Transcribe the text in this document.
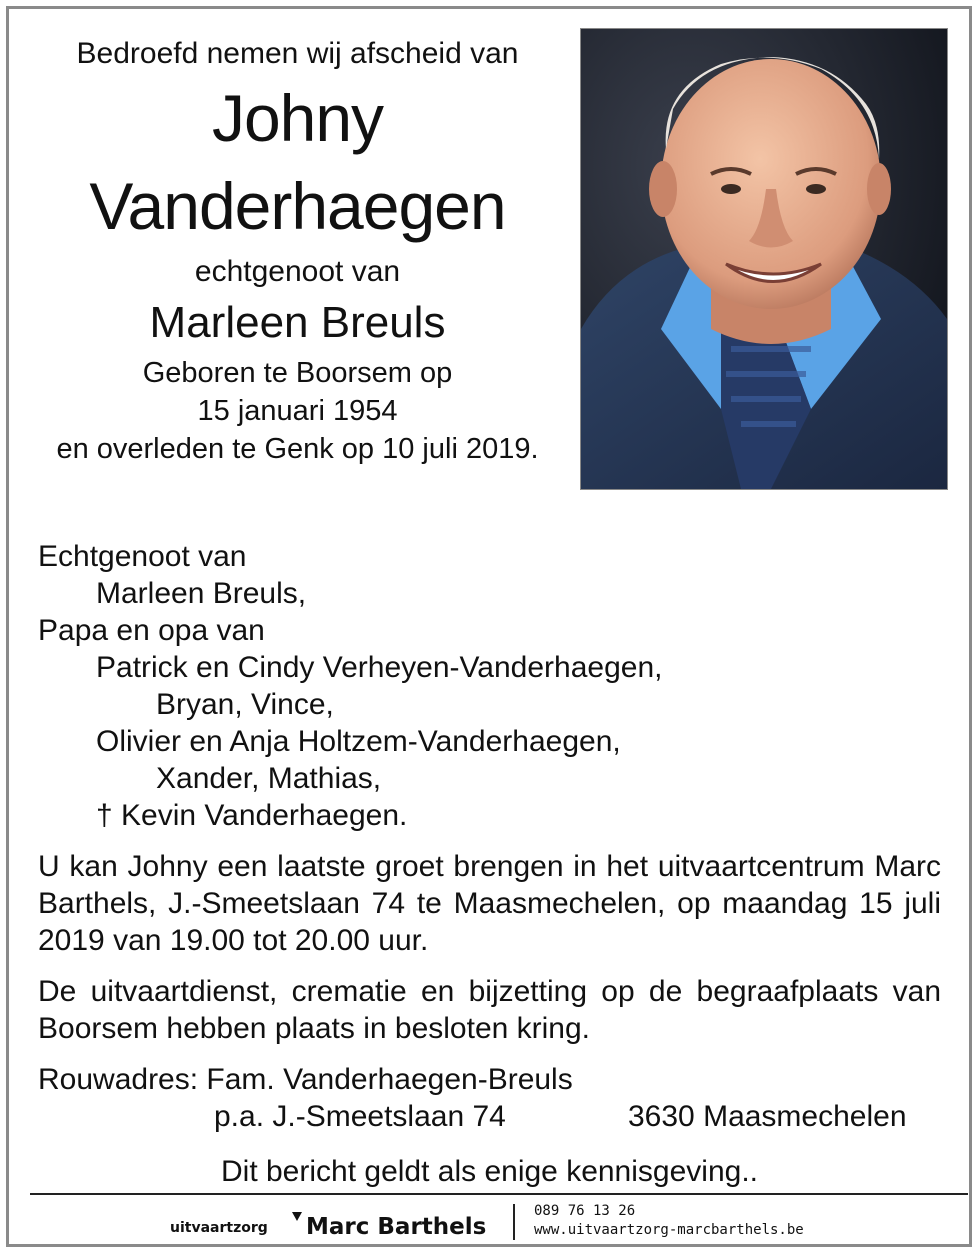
Bedroefd nemen wij afscheid van
Johny
Vanderhaegen
echtgenoot van
Marleen Breuls
Geboren te Boorsem op
15 januari 1954
en overleden te Genk op 10 juli 2019.
Echtgenoot van
Marleen Breuls,
Papa en opa van
Patrick en Cindy Verheyen-Vanderhaegen,
Bryan, Vince,
Olivier en Anja Holtzem-Vanderhaegen,
Xander, Mathias,
† Kevin Vanderhaegen.
U kan Johny een laatste groet brengen in het uitvaartcentrum Marc Barthels, J.-Smeetslaan 74 te Maasmechelen, op maandag 15 juli 2019 van 19.00 tot 20.00 uur.
De uitvaartdienst, crematie en bijzetting op de begraafplaats van Boorsem hebben plaats in besloten kring.
Rouwadres: Fam. Vanderhaegen-Breuls
p.a. J.-Smeetslaan 74	3630 Maasmechelen
Dit bericht geldt als enige kennisgeving..
uitvaartzorg Marc Barthels
089 76 13 26
www.uitvaartzorg-marcbarthels.be
